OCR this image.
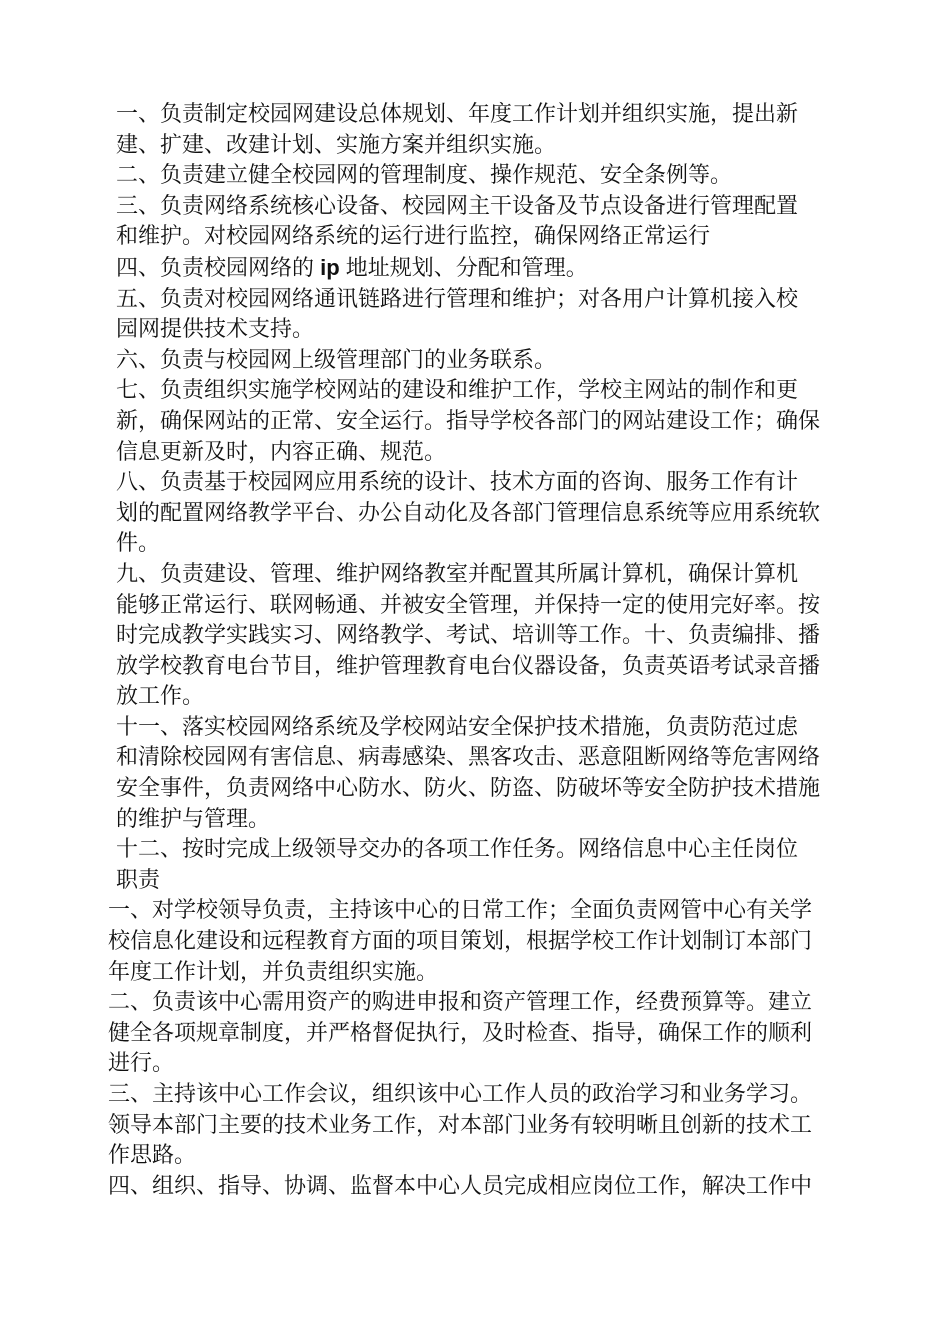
一、负责制定校园网建设总体规划、年度工作计划并组织实施，提出新
建、扩建、改建计划、实施方案并组织实施。

二、负责建立健全校园网的管理制度、操作规范、安全条例等。

三、负责网络系统核心设备、校园网主干设备及节点设备进行管理配置
和维护。对校园网络系统的运行进行监控，确保网络正常运行

四、负责校园网络的 ip 地址规划、分配和管理。

五、负责对校园网络通讯链路进行管理和维护；对各用户计算机接入校
园网提供技术支持。

六、负责与校园网上级管理部门的业务联系。

七、负责组织实施学校网站的建设和维护工作，学校主网站的制作和更
新，确保网站的正常、安全运行。指导学校各部门的网站建设工作；确保
信息更新及时，内容正确、规范。

八、负责基于校园网应用系统的设计、技术方面的咨询、服务工作有计
划的配置网络教学平台、办公自动化及各部门管理信息系统等应用系统软
件。

九、负责建设、管理、维护网络教室并配置其所属计算机，确保计算机
能够正常运行、联网畅通、并被安全管理，并保持一定的使用完好率。按
时完成教学实践实习、网络教学、考试、培训等工作。十、负责编排、播
放学校教育电台节目，维护管理教育电台仪器设备，负责英语考试录音播
放工作。

十一、落实校园网络系统及学校网站安全保护技术措施，负责防范过虑
和清除校园网有害信息、病毒感染、黑客攻击、恶意阻断网络等危害网络
安全事件，负责网络中心防水、防火、防盗、防破坏等安全防护技术措施
的维护与管理。

十二、按时完成上级领导交办的各项工作任务。网络信息中心主任岗位
职责

一、对学校领导负责，主持该中心的日常工作；全面负责网管中心有关学
校信息化建设和远程教育方面的项目策划，根据学校工作计划制订本部门
年度工作计划，并负责组织实施。

二、负责该中心需用资产的购进申报和资产管理工作，经费预算等。建立
健全各项规章制度，并严格督促执行，及时检查、指导，确保工作的顺利
进行。

三、主持该中心工作会议，组织该中心工作人员的政治学习和业务学习。
领导本部门主要的技术业务工作，对本部门业务有较明晰且创新的技术工
作思路。

四、组织、指导、协调、监督本中心人员完成相应岗位工作，解决工作中
